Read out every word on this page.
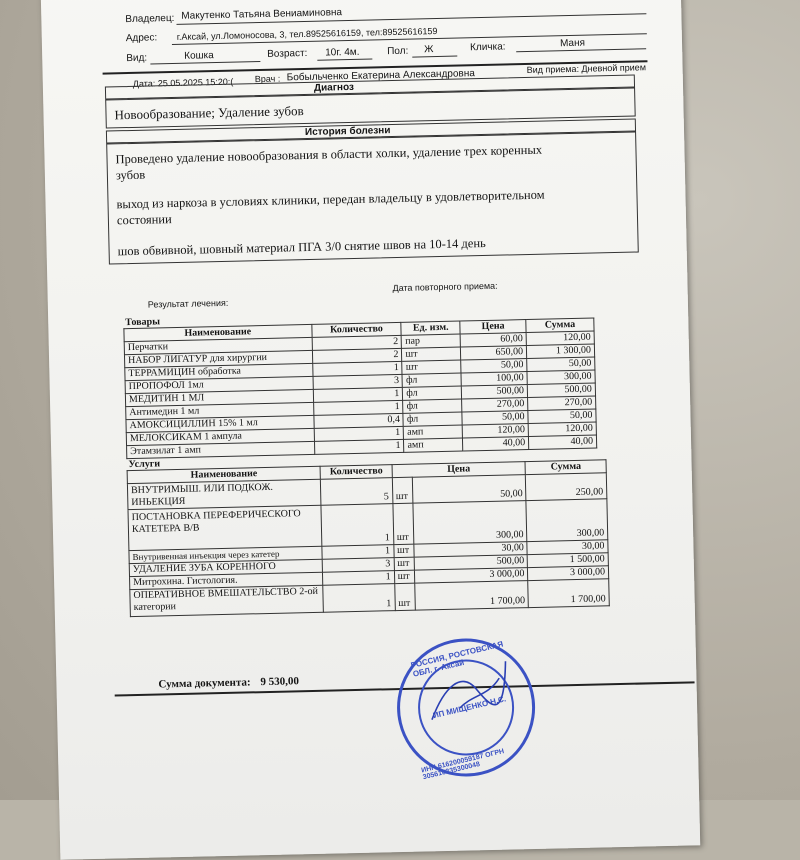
Владелец: Макутенко Татьяна Вениаминовна
Адрес: г.Аксай, ул.Ломоносова, 3, тел.89525616159, тел:89525616159
Вид:	Кошка	Возраст: 10г. 4м.	Пол: Ж	Кличка:	Маня
Дата: 25.05.2025 15:20:( Врач : Бобыльченко Екатерина Александровна	Вид приема: Дневной прием
Диагноз
Новообразование; Удаление зубов
История болезни
Проведено удаление новообразования в области холки, удаление трех коренных
зубов
выход из наркоза в условиях клиники, передан владельцу в удовлетворительном
состоянии
шов обвивной, шовный материал ПГА 3/0 снятие швов на 10-14 день
Дата повторного приема:
Результат лечения:
Товары
Наименование	Количество	Ед. изм.	Цена	Сумма
Перчатки	2	пар	60,00	120,00
НАБОР ЛИГАТУР для хирургии	2	шт	650,00	1 300,00
ТЕРРАМИЦИН обработка	1	шт	50,00	50,00
ПРОПОФОЛ 1мл	3	фл	100,00	300,00
МЕДИТИН 1 МЛ	1	фл	500,00	500,00
Антимедин 1 мл	1	фл	270,00	270,00
АМОКСИЦИЛЛИН 15% 1 мл	0,4	фл	50,00	50,00
МЕЛОКСИКАМ 1 ампула	1	амп	120,00	120,00
Этамзилат 1 амп	1	амп	40,00	40,00
Услуги
Наименование	Количество	Цена		Сумма
ВНУТРИМЫШ. ИЛИ ПОДКОЖ. ИНЬЕКЦИЯ	5	шт	50,00	250,00
ПОСТАНОВКА ПЕРЕФЕРИЧЕСКОГО КАТЕТЕРА В/В	1	шт	300,00	300,00
Внутривенная инъекция через катетер	1	шт	30,00	30,00
УДАЛЕНИЕ ЗУБА КОРЕННОГО	3	шт	500,00	1 500,00
Митрохина. Гистология.	1	шт	3 000,00	3 000,00
ОПЕРАТИВНОЕ ВМЕШАТЕЛЬСТВО 2-ой категории	1	шт	1 700,00	1 700,00
Сумма документа: 9 530,00
РОССИЯ, РОСТОВСКАЯ ОБЛ. г. Аксай
ИНН 616200059187 ОГРН 305616235300048
ИП МИЩЕНКО Н.С.
